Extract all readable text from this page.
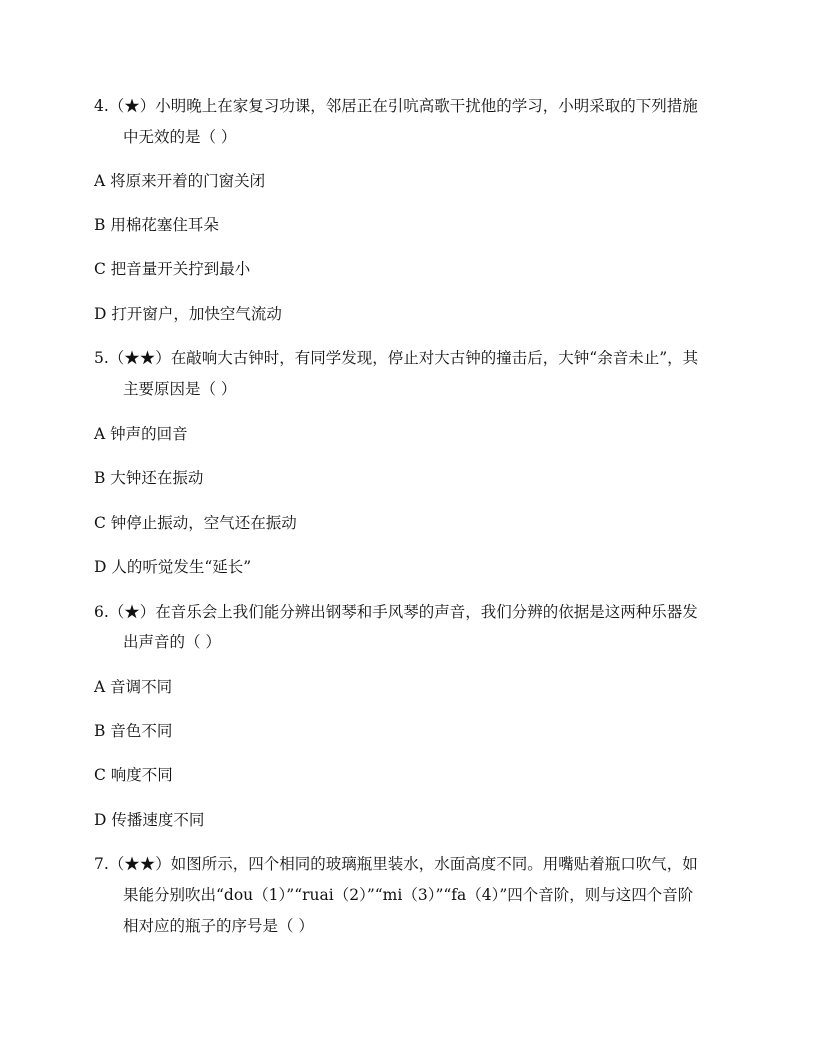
4.（★）小明晚上在家复习功课，邻居正在引吭高歌干扰他的学习，小明采取的下列措施
中无效的是（ ）
A 将原来开着的门窗关闭
B 用棉花塞住耳朵
C 把音量开关拧到最小
D 打开窗户，加快空气流动
5.（★★）在敲响大古钟时，有同学发现，停止对大古钟的撞击后，大钟“余音未止”，其
主要原因是（ ）
A 钟声的回音
B 大钟还在振动
C 钟停止振动，空气还在振动
D 人的听觉发生“延长”
6.（★）在音乐会上我们能分辨出钢琴和手风琴的声音，我们分辨的依据是这两种乐器发
出声音的（ ）
A 音调不同
B 音色不同
C 响度不同
D 传播速度不同
7.（★★）如图所示，四个相同的玻璃瓶里装水，水面高度不同。用嘴贴着瓶口吹气，如
果能分别吹出“dou（1）”“ruai（2）”“mi（3）”“fa（4）”四个音阶，则与这四个音阶
相对应的瓶子的序号是（ ）
